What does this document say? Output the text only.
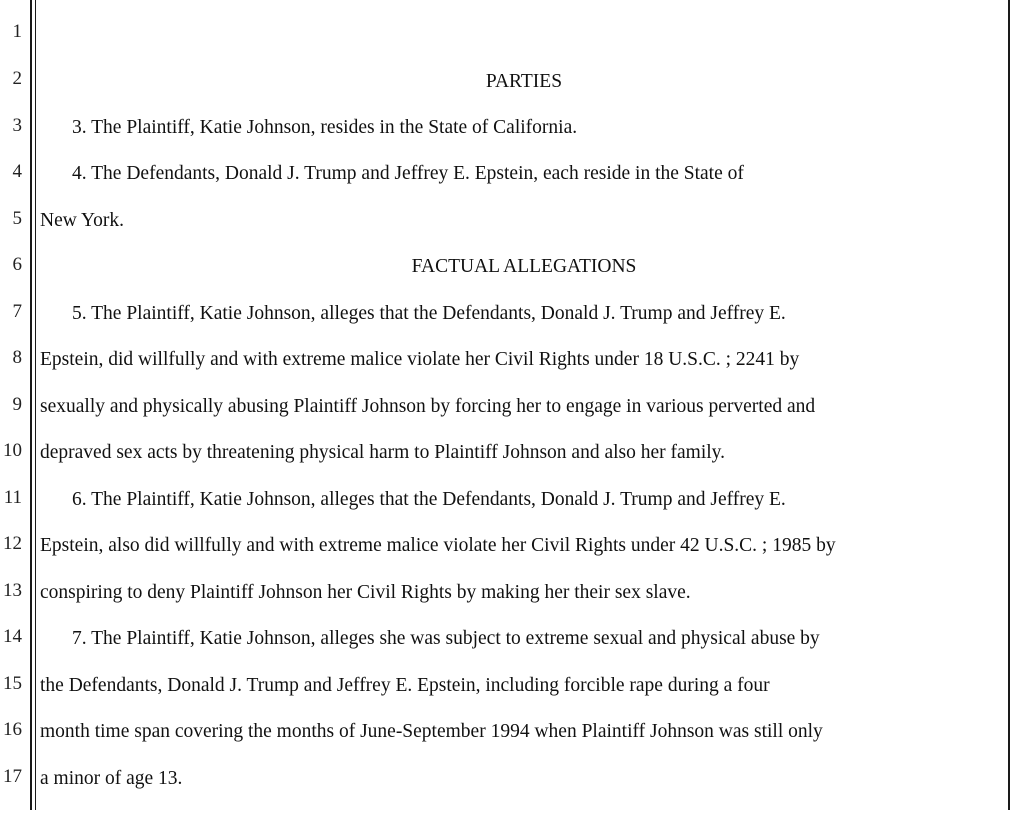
1
2
3
4
5
6
7
8
9
10
11
12
13
14
15
16
17
PARTIES
3. The Plaintiff, Katie Johnson, resides in the State of California.
4. The Defendants, Donald J. Trump and Jeffrey E. Epstein, each reside in the State of
New York.
FACTUAL ALLEGATIONS
5. The Plaintiff, Katie Johnson, alleges that the Defendants, Donald J. Trump and Jeffrey E.
Epstein, did willfully and with extreme malice violate her Civil Rights under 18 U.S.C. ; 2241 by
sexually and physically abusing Plaintiff Johnson by forcing her to engage in various perverted and
depraved sex acts by threatening physical harm to Plaintiff Johnson and also her family.
6. The Plaintiff, Katie Johnson, alleges that the Defendants, Donald J. Trump and Jeffrey E.
Epstein, also did willfully and with extreme malice violate her Civil Rights under 42 U.S.C. ; 1985 by
conspiring to deny Plaintiff Johnson her Civil Rights by making her their sex slave.
7. The Plaintiff, Katie Johnson, alleges she was subject to extreme sexual and physical abuse by
the Defendants, Donald J. Trump and Jeffrey E. Epstein, including forcible rape during a four
month time span covering the months of June-September 1994 when Plaintiff Johnson was still only
a minor of age 13.
